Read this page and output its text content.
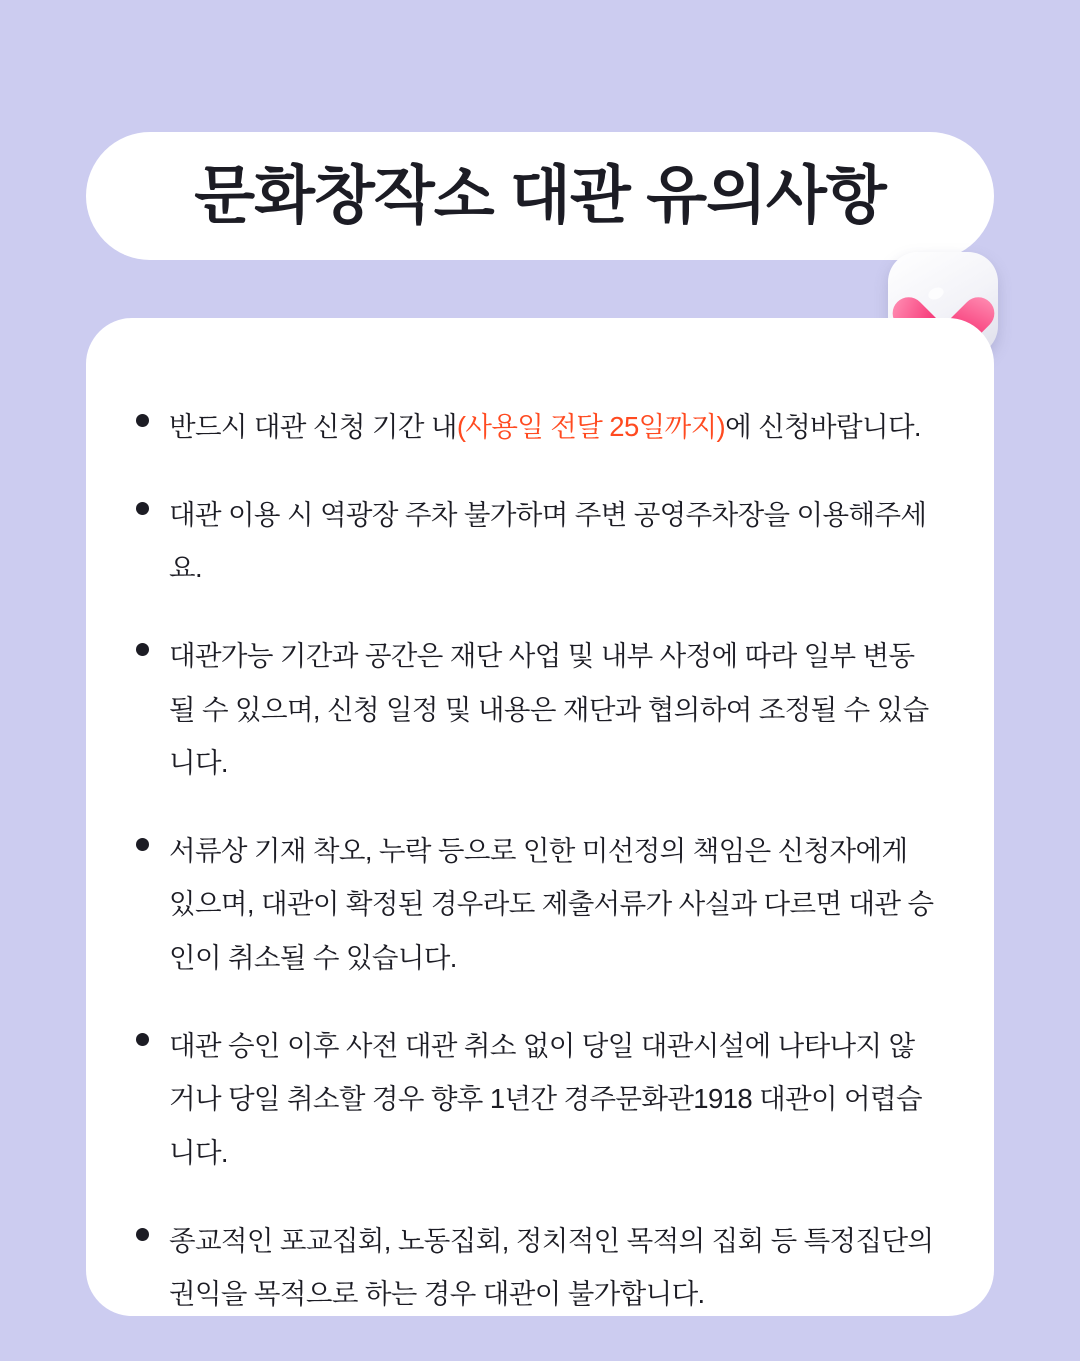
문화창작소 대관 유의사항
반드시 대관 신청 기간 내(사용일 전달 25일까지)에 신청바랍니다.
대관 이용 시 역광장 주차 불가하며 주변 공영주차장을 이용해주세요.
대관가능 기간과 공간은 재단 사업 및 내부 사정에 따라 일부 변동될 수 있으며, 신청 일정 및 내용은 재단과 협의하여 조정될 수 있습니다.
서류상 기재 착오, 누락 등으로 인한 미선정의 책임은 신청자에게 있으며, 대관이 확정된 경우라도 제출서류가 사실과 다르면 대관 승인이 취소될 수 있습니다.
대관 승인 이후 사전 대관 취소 없이 당일 대관시설에 나타나지 않거나 당일 취소할 경우 향후 1년간 경주문화관1918 대관이 어렵습니다.
종교적인 포교집회, 노동집회, 정치적인 목적의 집회 등 특정집단의 권익을 목적으로 하는 경우 대관이 불가합니다.
